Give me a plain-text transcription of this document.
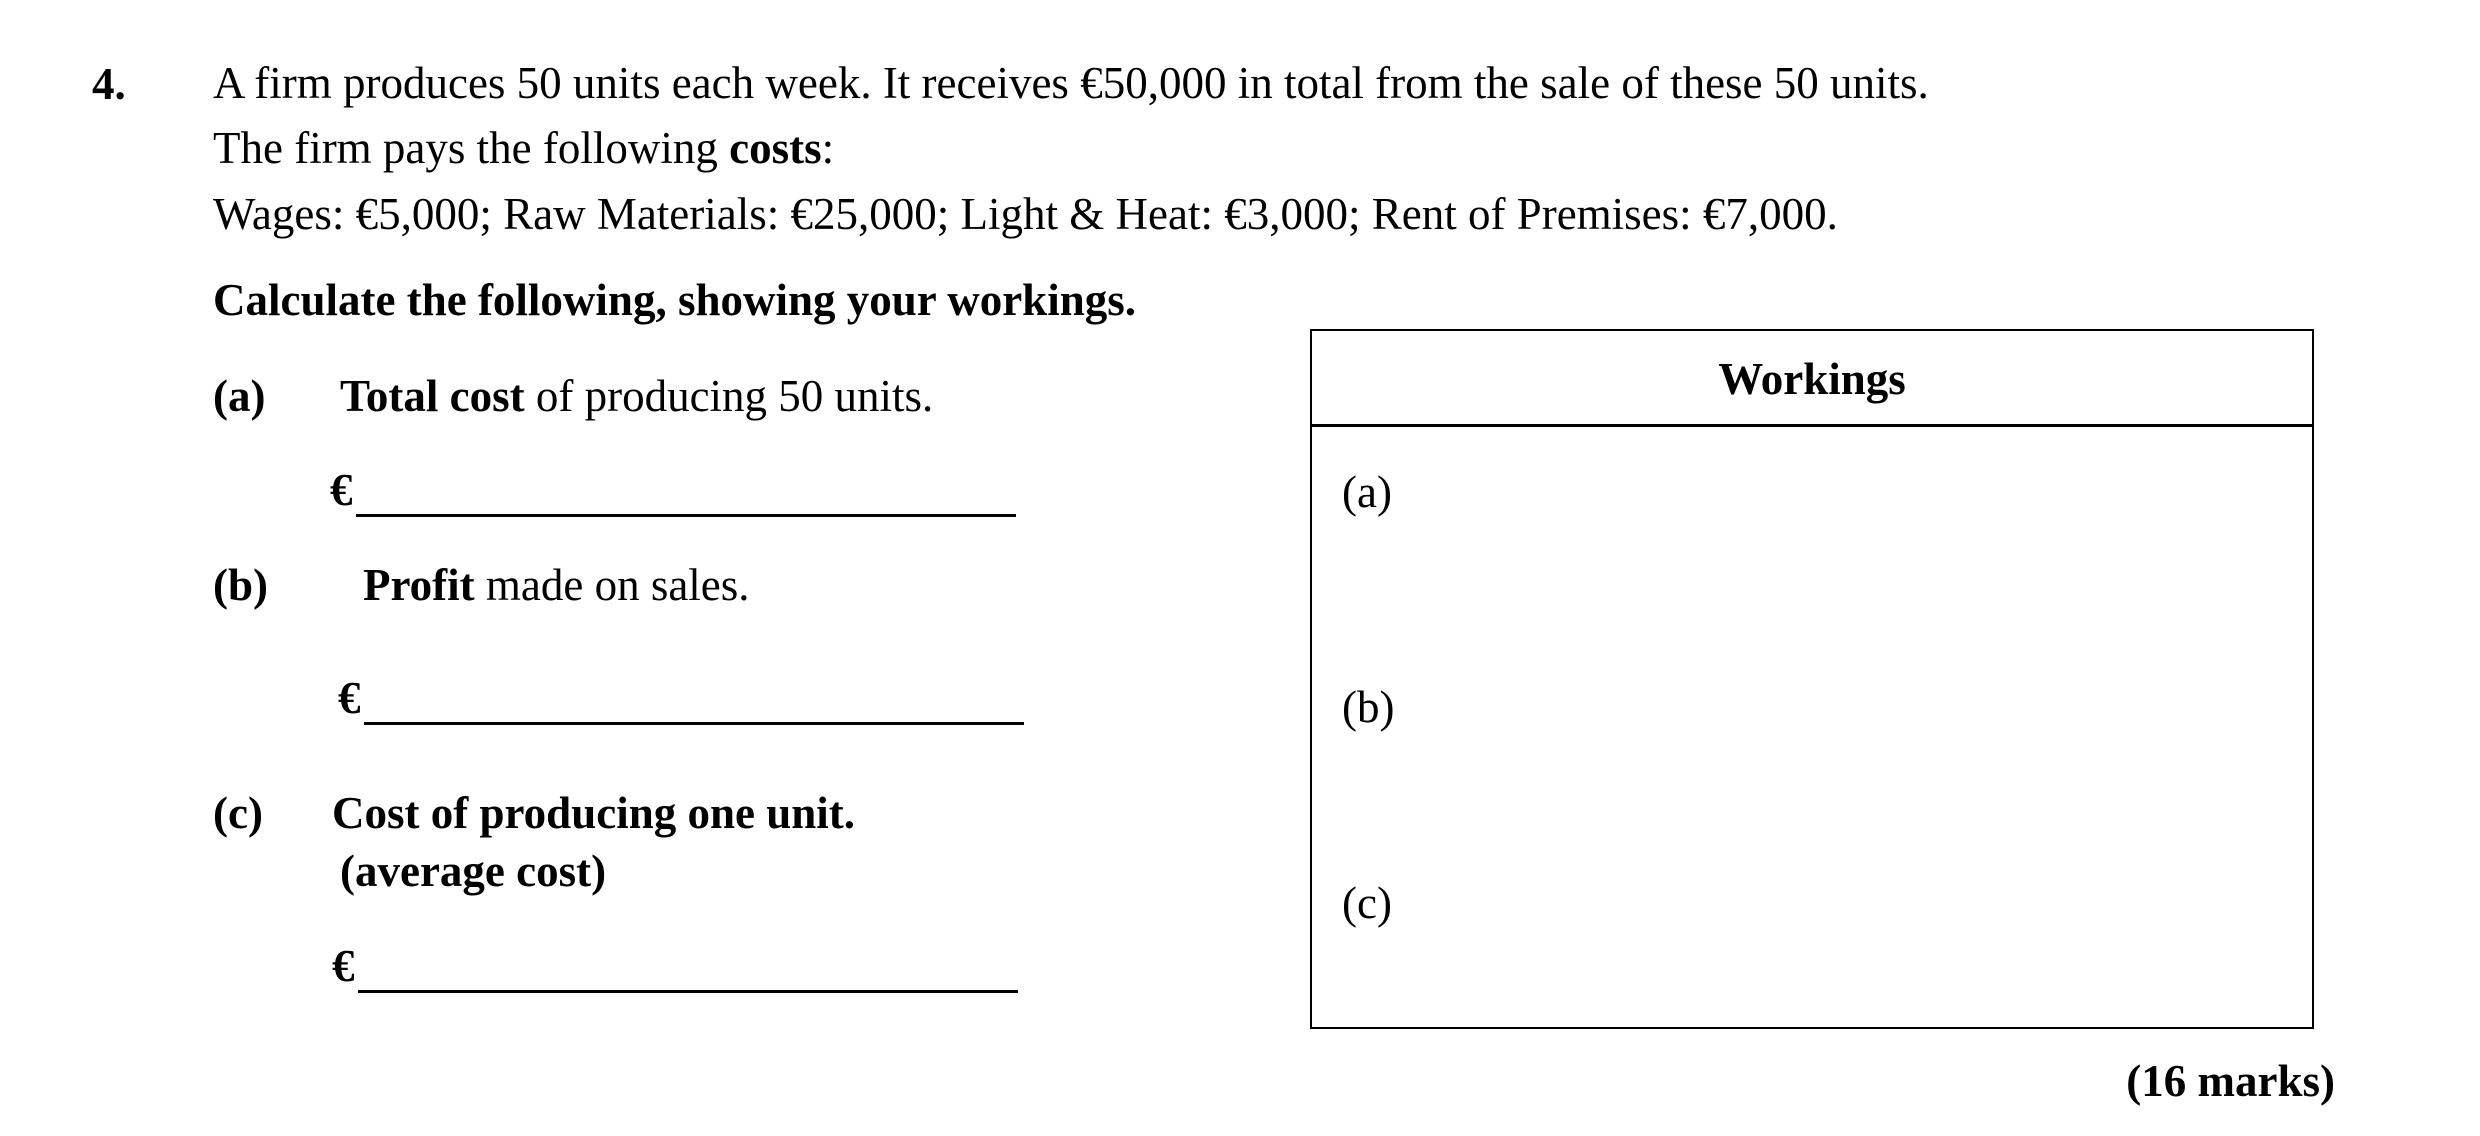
4. A firm produces 50 units each week. It receives €50,000 in total from the sale of these 50 units.
The firm pays the following costs:
Wages: €5,000; Raw Materials: €25,000; Light & Heat: €3,000; Rent of Premises: €7,000.
Calculate the following, showing your workings.
(a) Total cost of producing 50 units.
€
(b) Profit made on sales.
€
(c) Cost of producing one unit.
(average cost)
€
Workings
(a)
(b)
(c)
(16 marks)
